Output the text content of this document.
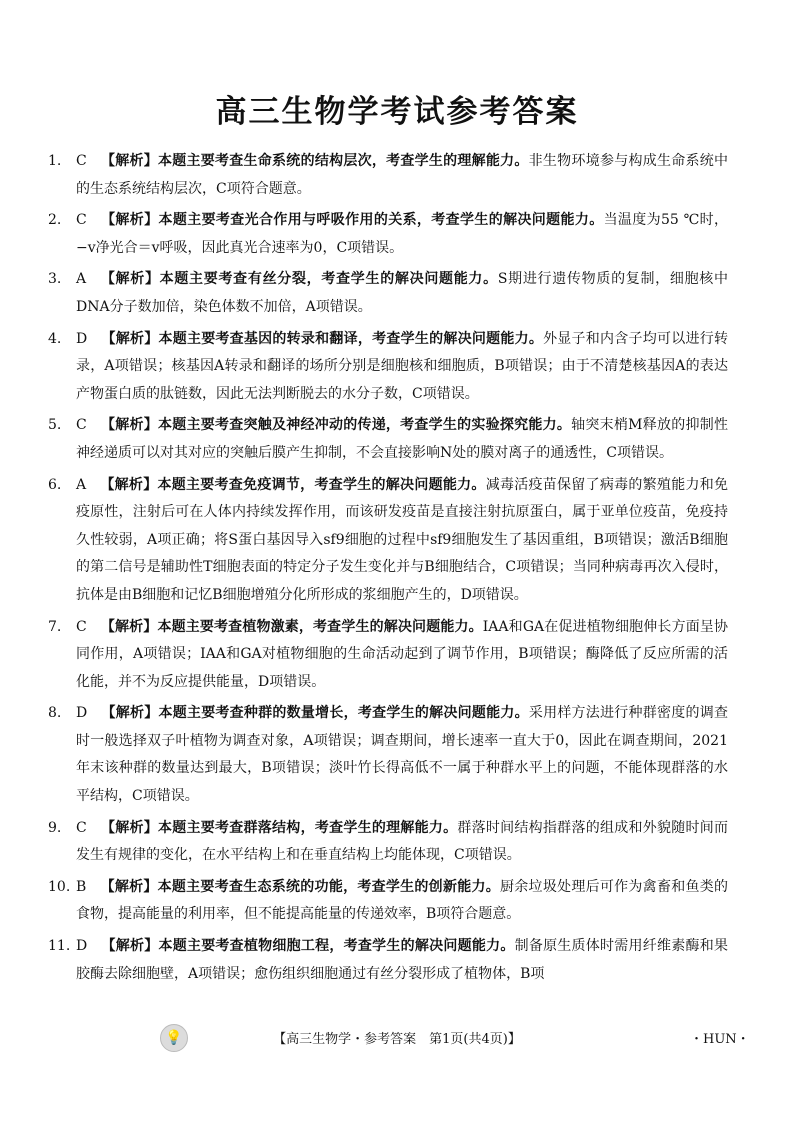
高三生物学考试参考答案
1. C 【解析】本题主要考查生命系统的结构层次，考查学生的理解能力。非生物环境参与构成生命系统中的生态系统结构层次，C项符合题意。
2. C 【解析】本题主要考查光合作用与呼吸作用的关系，考查学生的解决问题能力。当温度为55 ℃时，−v净光合＝v呼吸，因此真光合速率为0，C项错误。
3. A 【解析】本题主要考查有丝分裂，考查学生的解决问题能力。S期进行遗传物质的复制，细胞核中DNA分子数加倍，染色体数不加倍，A项错误。
4. D 【解析】本题主要考查基因的转录和翻译，考查学生的解决问题能力。外显子和内含子均可以进行转录，A项错误；核基因A转录和翻译的场所分别是细胞核和细胞质，B项错误；由于不清楚核基因A的表达产物蛋白质的肽链数，因此无法判断脱去的水分子数，C项错误。
5. C 【解析】本题主要考查突触及神经冲动的传递，考查学生的实验探究能力。轴突末梢M释放的抑制性神经递质可以对其对应的突触后膜产生抑制，不会直接影响N处的膜对离子的通透性，C项错误。
6. A 【解析】本题主要考查免疫调节，考查学生的解决问题能力。减毒活疫苗保留了病毒的繁殖能力和免疫原性，注射后可在人体内持续发挥作用，而该研发疫苗是直接注射抗原蛋白，属于亚单位疫苗，免疫持久性较弱，A项正确；将S蛋白基因导入sf9细胞的过程中sf9细胞发生了基因重组，B项错误；激活B细胞的第二信号是辅助性T细胞表面的特定分子发生变化并与B细胞结合，C项错误；当同种病毒再次入侵时，抗体是由B细胞和记忆B细胞增殖分化所形成的浆细胞产生的，D项错误。
7. C 【解析】本题主要考查植物激素，考查学生的解决问题能力。IAA和GA在促进植物细胞伸长方面呈协同作用，A项错误；IAA和GA对植物细胞的生命活动起到了调节作用，B项错误；酶降低了反应所需的活化能，并不为反应提供能量，D项错误。
8. D 【解析】本题主要考查种群的数量增长，考查学生的解决问题能力。采用样方法进行种群密度的调查时一般选择双子叶植物为调查对象，A项错误；调查期间，增长速率一直大于0，因此在调查期间，2021年末该种群的数量达到最大，B项错误；淡叶竹长得高低不一属于种群水平上的问题，不能体现群落的水平结构，C项错误。
9. C 【解析】本题主要考查群落结构，考查学生的理解能力。群落时间结构指群落的组成和外貌随时间而发生有规律的变化，在水平结构上和在垂直结构上均能体现，C项错误。
10. B 【解析】本题主要考查生态系统的功能，考查学生的创新能力。厨余垃圾处理后可作为禽畜和鱼类的食物，提高能量的利用率，但不能提高能量的传递效率，B项符合题意。
11. D 【解析】本题主要考查植物细胞工程，考查学生的解决问题能力。制备原生质体时需用纤维素酶和果胶酶去除细胞壁，A项错误；愈伤组织细胞通过有丝分裂形成了植物体，B项
💡	【高三生物学・参考答案　第1页(共4页)】	・HUN・
